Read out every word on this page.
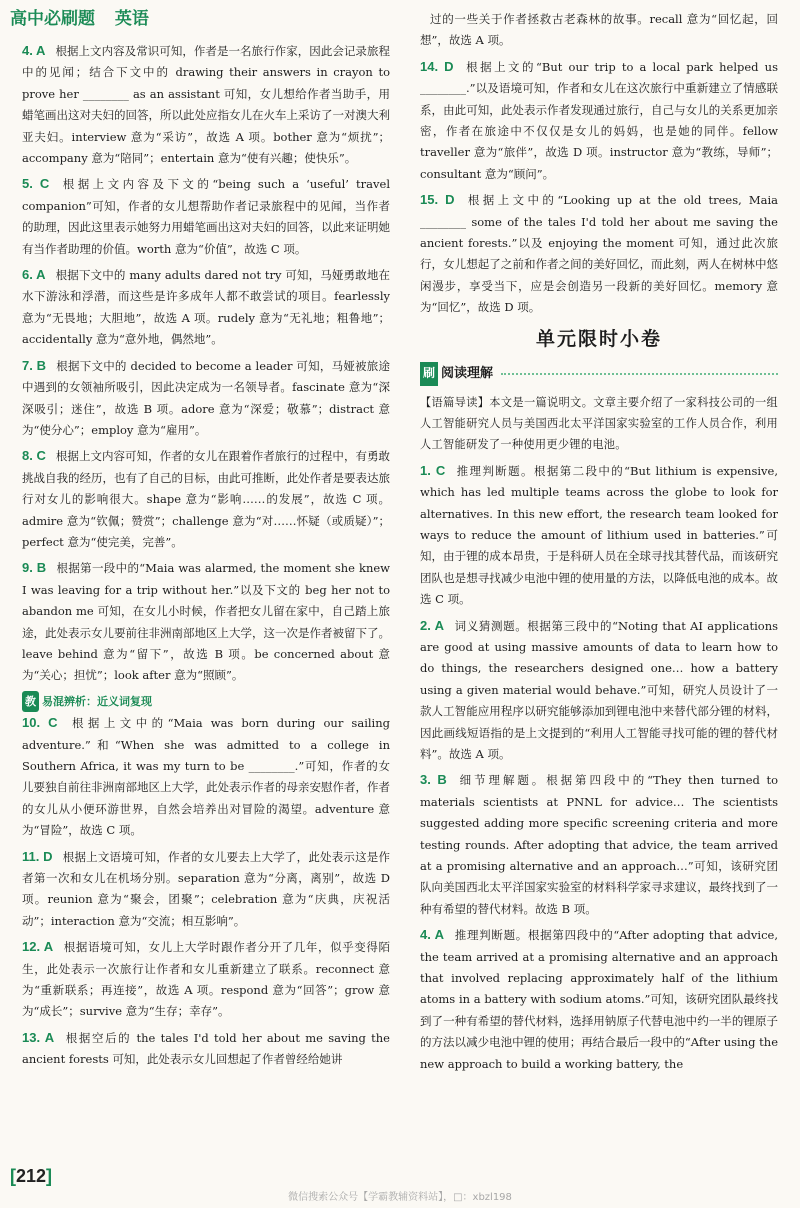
高中必刷题 英语
4. A 根据上文内容及常识可知，作者是一名旅行作家，因此会记录旅程中的见闻；结合下文中的 drawing their answers in crayon to prove her ________ as an assistant 可知，女儿想给作者当助手，用蜡笔画出这对夫妇的回答，所以此处应指女儿在火车上采访了一对澳大利亚夫妇。interview 意为“采访”，故选 A 项。bother 意为“烦扰”；accompany 意为“陪同”；entertain 意为“使有兴趣；使快乐”。
5. C 根据上文内容及下文的“being such a ‘useful’ travel companion”可知，作者的女儿想帮助作者记录旅程中的见闻，当作者的助理，因此这里表示她努力用蜡笔画出这对夫妇的回答，以此来证明她有当作者助理的价值。worth 意为“价值”，故选 C 项。
6. A 根据下文中的 many adults dared not try 可知，马娅勇敢地在水下游泳和浮潜，而这些是许多成年人都不敢尝试的项目。fearlessly 意为“无畏地；大胆地”，故选 A 项。rudely 意为“无礼地；粗鲁地”；accidentally 意为“意外地，偶然地”。
7. B 根据下文中的 decided to become a leader 可知，马娅被旅途中遇到的女领袖所吸引，因此决定成为一名领导者。fascinate 意为“深深吸引；迷住”，故选 B 项。adore 意为“深爱；敬慕”；distract 意为“使分心”；employ 意为“雇用”。
8. C 根据上文内容可知，作者的女儿在跟着作者旅行的过程中，有勇敢挑战自我的经历，也有了自己的目标，由此可推断，此处作者是要表达旅行对女儿的影响很大。shape 意为“影响……的发展”，故选 C 项。admire 意为“钦佩；赞赏”；challenge 意为“对……怀疑（或质疑）”；perfect 意为“使完美，完善”。
9. B 根据第一段中的“Maia was alarmed, the moment she knew I was leaving for a trip without her.”以及下文的 beg her not to abandon me 可知，在女儿小时候，作者把女儿留在家中，自己踏上旅途，此处表示女儿要前往非洲南部地区上大学，这一次是作者被留下了。leave behind 意为“留下”，故选 B 项。be concerned about 意为“关心；担忧”；look after 意为“照顾”。
教 易混辨析：近义词复现
10. C 根据上文中的“Maia was born during our sailing adventure.”和“When she was admitted to a college in Southern Africa, it was my turn to be ________.”可知，作者的女儿要独自前往非洲南部地区上大学，此处表示作者的母亲安慰作者，作者的女儿从小便环游世界，自然会培养出对冒险的渴望。adventure 意为“冒险”，故选 C 项。
11. D 根据上文语境可知，作者的女儿要去上大学了，此处表示这是作者第一次和女儿在机场分别。separation 意为“分离，离别”，故选 D 项。reunion 意为“聚会，团聚”；celebration 意为“庆典，庆祝活动”；interaction 意为“交流；相互影响”。
12. A 根据语境可知，女儿上大学时跟作者分开了几年，似乎变得陌生，此处表示一次旅行让作者和女儿重新建立了联系。reconnect 意为“重新联系；再连接”，故选 A 项。respond 意为“回答”；grow 意为“成长”；survive 意为“生存；幸存”。
13. A 根据空后的 the tales I'd told her about me saving the ancient forests 可知，此处表示女儿回想起了作者曾经给她讲
过的一些关于作者拯救古老森林的故事。recall 意为“回忆起，回想”，故选 A 项。
14. D 根据上文的“But our trip to a local park helped us ________.”以及语境可知，作者和女儿在这次旅行中重新建立了情感联系，由此可知，此处表示作者发现通过旅行，自己与女儿的关系更加亲密，作者在旅途中不仅仅是女儿的妈妈，也是她的同伴。fellow traveller 意为“旅伴”，故选 D 项。instructor 意为“教练，导师”；consultant 意为“顾问”。
15. D 根据上文中的“Looking up at the old trees, Maia ________ some of the tales I'd told her about me saving the ancient forests.”以及 enjoying the moment 可知，通过此次旅行，女儿想起了之前和作者之间的美好回忆，而此刻，两人在树林中悠闲漫步，享受当下，应是会创造另一段新的美好回忆。memory 意为“回忆”，故选 D 项。
单元限时小卷
刷 阅读理解
【语篇导读】本文是一篇说明文。文章主要介绍了一家科技公司的一组人工智能研究人员与美国西北太平洋国家实验室的工作人员合作，利用人工智能研发了一种使用更少锂的电池。
1. C 推理判断题。根据第二段中的“But lithium is expensive, which has led multiple teams across the globe to look for alternatives. In this new effort, the research team looked for ways to reduce the amount of lithium used in batteries.”可知，由于锂的成本昂贵，于是科研人员在全球寻找其替代品，而该研究团队也是想寻找减少电池中锂的使用量的方法，以降低电池的成本。故选 C 项。
2. A 词义猜测题。根据第三段中的“Noting that AI applications are good at using massive amounts of data to learn how to do things, the researchers designed one… how a battery using a given material would behave.”可知，研究人员设计了一款人工智能应用程序以研究能够添加到锂电池中来替代部分锂的材料，因此画线短语指的是上文提到的“利用人工智能寻找可能的锂的替代材料”。故选 A 项。
3. B 细节理解题。根据第四段中的“They then turned to materials scientists at PNNL for advice… The scientists suggested adding more specific screening criteria and more testing rounds. After adopting that advice, the team arrived at a promising alternative and an approach…”可知，该研究团队向美国西北太平洋国家实验室的材料科学家寻求建议，最终找到了一种有希望的替代材料。故选 B 项。
4. A 推理判断题。根据第四段中的“After adopting that advice, the team arrived at a promising alternative and an approach that involved replacing approximately half of the lithium atoms in a battery with sodium atoms.”可知，该研究团队最终找到了一种有希望的替代材料，选择用钠原子代替电池中约一半的锂原子的方法以减少电池中锂的使用；再结合最后一段中的“After using the new approach to build a working battery, the
[212]
微信搜索公众号【学霸教辅资料站】，□：xbzl198
